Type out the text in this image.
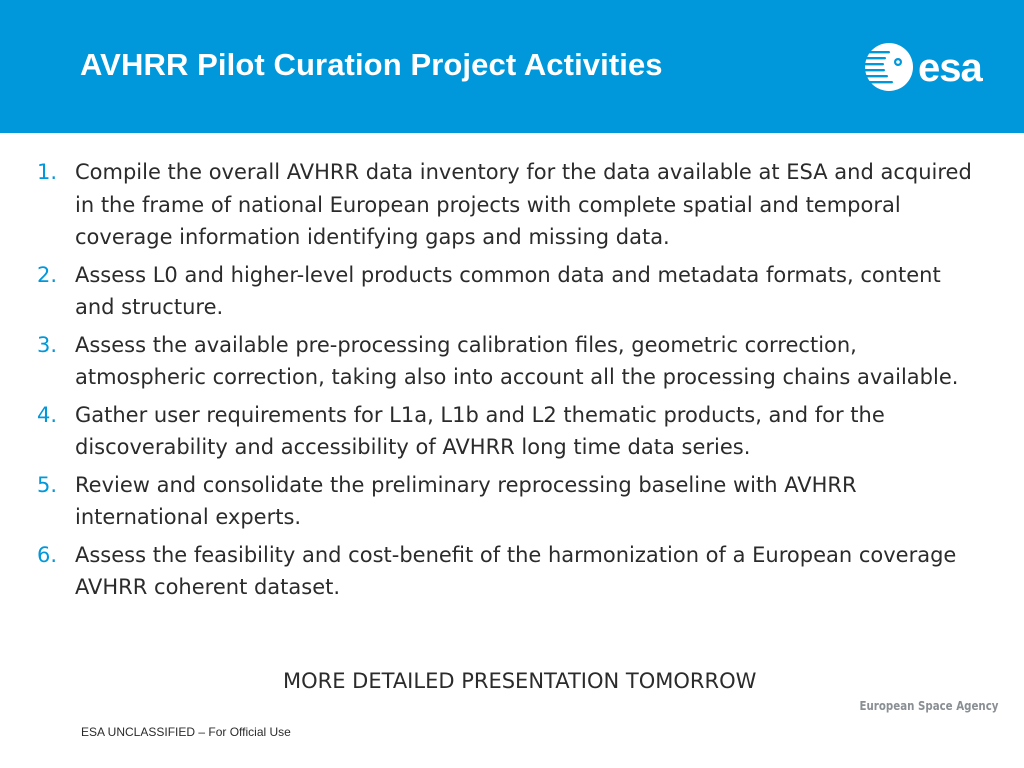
AVHRR Pilot Curation Project Activities	esa
1. Compile the overall AVHRR data inventory for the data available at ESA and acquired in the frame of national European projects with complete spatial and temporal coverage information identifying gaps and missing data.
2. Assess L0 and higher-level products common data and metadata formats, content and structure.
3. Assess the available pre-processing calibration files, geometric correction, atmospheric correction, taking also into account all the processing chains available.
4. Gather user requirements for L1a, L1b and L2 thematic products, and for the discoverability and accessibility of AVHRR long time data series.
5. Review and consolidate the preliminary reprocessing baseline with AVHRR international experts.
6. Assess the feasibility and cost-benefit of the harmonization of a European coverage AVHRR coherent dataset.
MORE DETAILED PRESENTATION TOMORROW
European Space Agency
ESA UNCLASSIFIED – For Official Use
